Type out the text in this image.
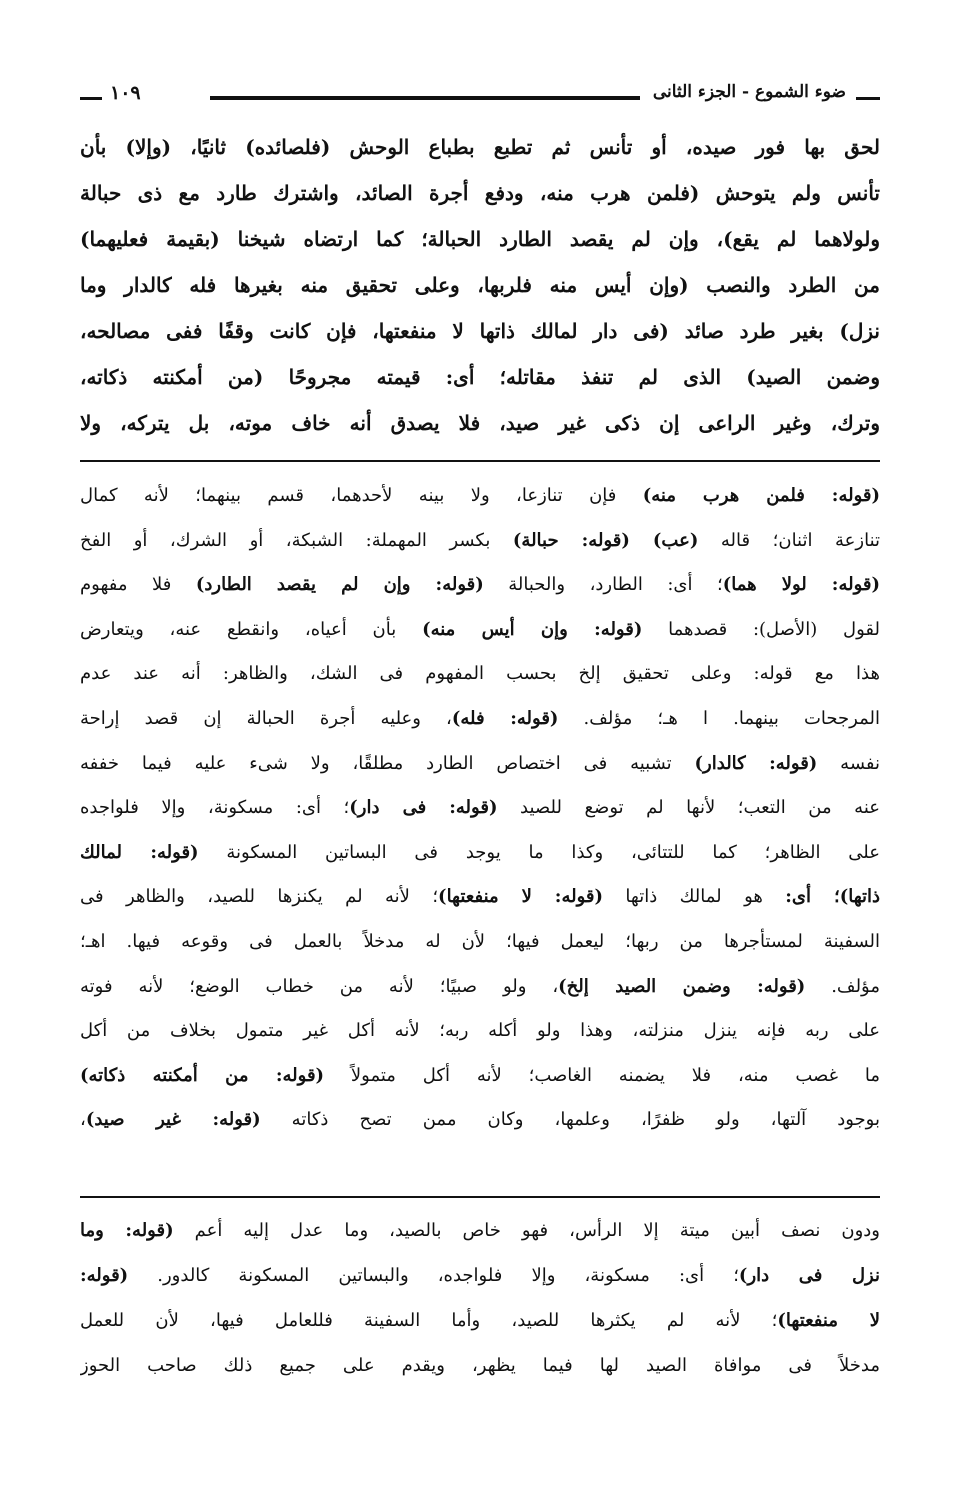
ضوء الشموع - الجزء الثانى
١٠٩
لحق بها فور صيده، أو تأنس ثم تطبع بطباع الوحش (فلصائده) ثانيًا، (وإلا) بأن
تأنس ولم يتوحش (فلمن هرب منه، ودفع أجرة الصائد، واشترك طارد مع ذى حبالة
ولولاهما لم يقع)، وإن لم يقصد الطارد الحبالة؛ كما ارتضاه شيخنا (بقيمة فعليهما)
من الطرد والنصب (وإن أيس منه فلربها، وعلى تحقيق منه بغيرها فله كالدار وما
نزل) بغير طرد صائد (فى دار لمالك ذاتها لا منفعتها، فإن كانت وقفًا ففى مصالحه،
وضمن الصيد) الذى لم تنفذ مقاتله؛ أى: قيمته مجروحًا (من أمكنته ذكاته،
وترك، وغير الراعى إن ذكى غير صيد، فلا يصدق أنه خاف موته، بل يتركه، ولا
(قوله: فلمن هرب منه) فإن تنازعا، ولا بينه لأحدهما، قسم بينهما؛ لأنه كمال
تنازعة اثنان؛ قاله (عب) (قوله: حبالة) بكسر المهملة: الشبكة، أو الشرك، أو الفخ
(قوله: لولا هما)؛ أى: الطارد، والحبالة (قوله: وإن لم يقصد الطارد) فلا مفهوم
لقول (الأصل): قصدهما (قوله: وإن أيس منه) بأن أعياه، وانقطع عنه، ويتعارض
هذا مع قوله: وعلى تحقيق إلخ بحسب المفهوم فى الشك، والظاهر: أنه عند عدم
المرجحات بينهما. ا هـ؛ مؤلف. (قوله: فله)، وعليه أجرة الحبالة إن قصد إراحة
نفسه (قوله: كالدار) تشبيه فى اختصاص الطارد مطلقًا، ولا شىء عليه فيما خففه
عنه من التعب؛ لأنها لم توضع للصيد (قوله: فى دار)؛ أى: مسكونة، وإلا فلواجده
على الظاهر؛ كما للتتائى، وكذا ما يوجد فى البساتين المسكونة (قوله: لمالك
ذاتها)؛ أى: هو لمالك ذاتها (قوله: لا منفعتها)؛ لأنه لم يكنزها للصيد، والظاهر فى
السفينة لمستأجرها من ربها؛ ليعمل فيها؛ لأن له مدخلاً بالعمل فى وقوعه فيها. اهـ؛
مؤلف. (قوله: وضمن الصيد إلخ)، ولو صبيًا؛ لأنه من خطاب الوضع؛ لأنه فوته
على ربه فإنه ينزل منزلته، وهذا ولو أكله ربه؛ لأنه أكل غير متمول بخلاف من أكل
ما غصب منه، فلا يضمنه الغاصب؛ لأنه أكل متمولاً (قوله: من أمكنته ذكاته)
بوجود آلتها، ولو ظفرًا، وعلمها، وكان ممن تصح ذكاته (قوله: غير صيد)،
ودون نصف أبين ميتة إلا الرأس، فهو خاص بالصيد، وما عدل إليه أعم (قوله: وما
نزل فى دار)؛ أى: مسكونة، وإلا فلواجده، والبساتين المسكونة كالدور. (قوله:
لا منفعتها)؛ لأنه لم يكثرها للصيد، وأما السفينة فللعامل فيها، لأن للعمل
مدخلاً فى موافاة الصيد لها فيما يظهر، ويقدم على جميع ذلك صاحب الحوز
